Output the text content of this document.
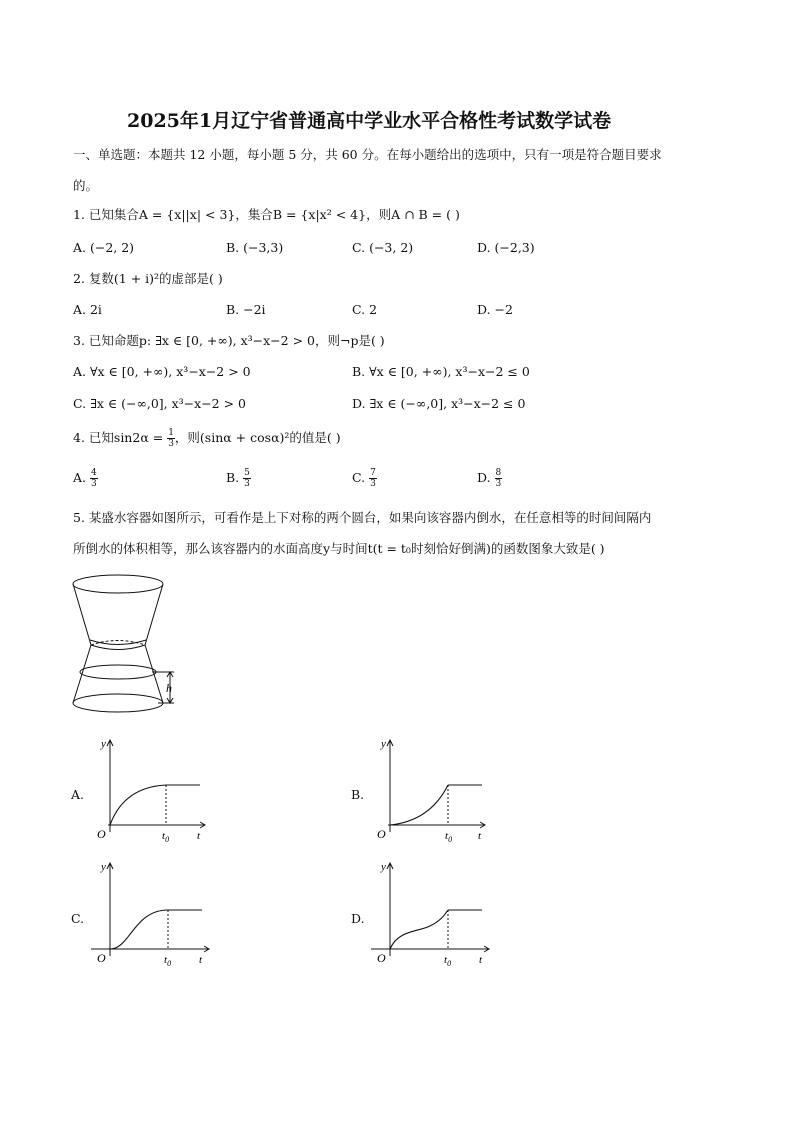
2025年1月辽宁省普通高中学业水平合格性考试数学试卷
一、单选题：本题共 12 小题，每小题 5 分，共 60 分。在每小题给出的选项中，只有一项是符合题目要求
的。
1. 已知集合A = {x||x| < 3}，集合B = {x|x² < 4}，则A ∩ B = ( )
A. (−2, 2)	B. (−3,3)	C. (−3, 2)	D. (−2,3)
2. 复数(1 + i)²的虚部是( )
A. 2i	B. −2i	C. 2	D. −2
3. 已知命题p: ∃x ∈ [0, +∞), x³−x−2 > 0，则¬p是( )
A. ∀x ∈ [0, +∞), x³−x−2 > 0	B. ∀x ∈ [0, +∞), x³−x−2 ≤ 0
C. ∃x ∈ (−∞,0], x³−x−2 > 0	D. ∃x ∈ (−∞,0], x³−x−2 ≤ 0
4. 已知$\sin 2\alpha = \frac{1}{3}$ ，则(sinα + cosα)²的值是( )
A. $\frac{4}{3}$	B. $\frac{5}{3}$	C. $\frac{7}{3}$	D. $\frac{8}{3}$
5. 某盛水容器如图所示，可看作是上下对称的两个圆台，如果向该容器内倒水，在任意相等的时间间隔内
所倒水的体积相等，那么该容器内的水面高度y与时间t(t = t₀时刻恰好倒满)的函数图象大致是( )
h
A.
y
O	$t_0$	t
B.
y
O	$t_0$ t
C.
y
O	$t_0$	t
D.
y
O	$t_0$	t
